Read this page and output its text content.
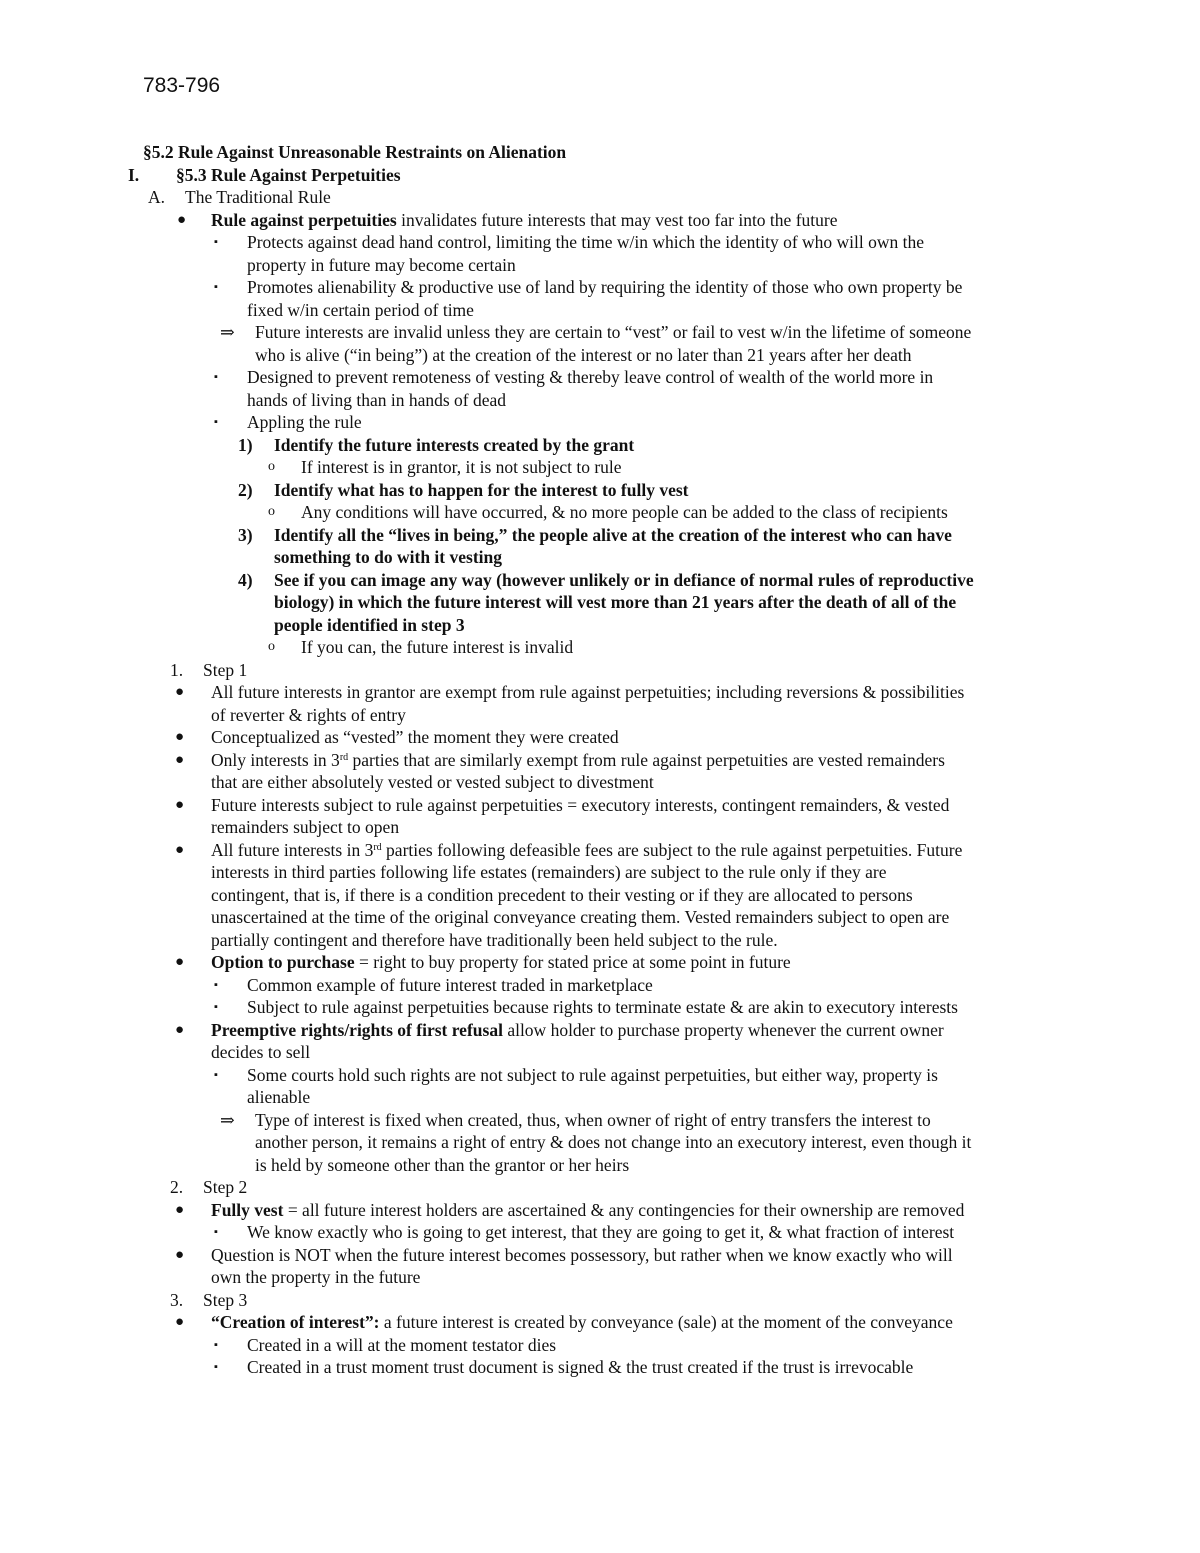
783-796
§5.2 Rule Against Unreasonable Restraints on Alienation
I. §5.3 Rule Against Perpetuities
A. The Traditional Rule
● Rule against perpetuities invalidates future interests that may vest too far into the future
▪ Protects against dead hand control, limiting the time w/in which the identity of who will own the
property in future may become certain
▪ Promotes alienability & productive use of land by requiring the identity of those who own property be
fixed w/in certain period of time
⇒ Future interests are invalid unless they are certain to “vest” or fail to vest w/in the lifetime of someone
who is alive (“in being”) at the creation of the interest or no later than 21 years after her death
▪ Designed to prevent remoteness of vesting & thereby leave control of wealth of the world more in
hands of living than in hands of dead
▪ Appling the rule
1) Identify the future interests created by the grant
o If interest is in grantor, it is not subject to rule
2) Identify what has to happen for the interest to fully vest
o Any conditions will have occurred, & no more people can be added to the class of recipients
3) Identify all the “lives in being,” the people alive at the creation of the interest who can have
something to do with it vesting
4) See if you can image any way (however unlikely or in defiance of normal rules of reproductive
biology) in which the future interest will vest more than 21 years after the death of all of the
people identified in step 3
o If you can, the future interest is invalid
1. Step 1
● All future interests in grantor are exempt from rule against perpetuities; including reversions & possibilities
of reverter & rights of entry
● Conceptualized as “vested” the moment they were created
● Only interests in 3rd parties that are similarly exempt from rule against perpetuities are vested remainders
that are either absolutely vested or vested subject to divestment
● Future interests subject to rule against perpetuities = executory interests, contingent remainders, & vested
remainders subject to open
● All future interests in 3rd parties following defeasible fees are subject to the rule against perpetuities. Future
interests in third parties following life estates (remainders) are subject to the rule only if they are
contingent, that is, if there is a condition precedent to their vesting or if they are allocated to persons
unascertained at the time of the original conveyance creating them. Vested remainders subject to open are
partially contingent and therefore have traditionally been held subject to the rule.
● Option to purchase = right to buy property for stated price at some point in future
▪ Common example of future interest traded in marketplace
▪ Subject to rule against perpetuities because rights to terminate estate & are akin to executory interests
● Preemptive rights/rights of first refusal allow holder to purchase property whenever the current owner
decides to sell
▪ Some courts hold such rights are not subject to rule against perpetuities, but either way, property is
alienable
⇒ Type of interest is fixed when created, thus, when owner of right of entry transfers the interest to
another person, it remains a right of entry & does not change into an executory interest, even though it
is held by someone other than the grantor or her heirs
2. Step 2
● Fully vest = all future interest holders are ascertained & any contingencies for their ownership are removed
▪ We know exactly who is going to get interest, that they are going to get it, & what fraction of interest
● Question is NOT when the future interest becomes possessory, but rather when we know exactly who will
own the property in the future
3. Step 3
● “Creation of interest”: a future interest is created by conveyance (sale) at the moment of the conveyance
▪ Created in a will at the moment testator dies
▪ Created in a trust moment trust document is signed & the trust created if the trust is irrevocable
